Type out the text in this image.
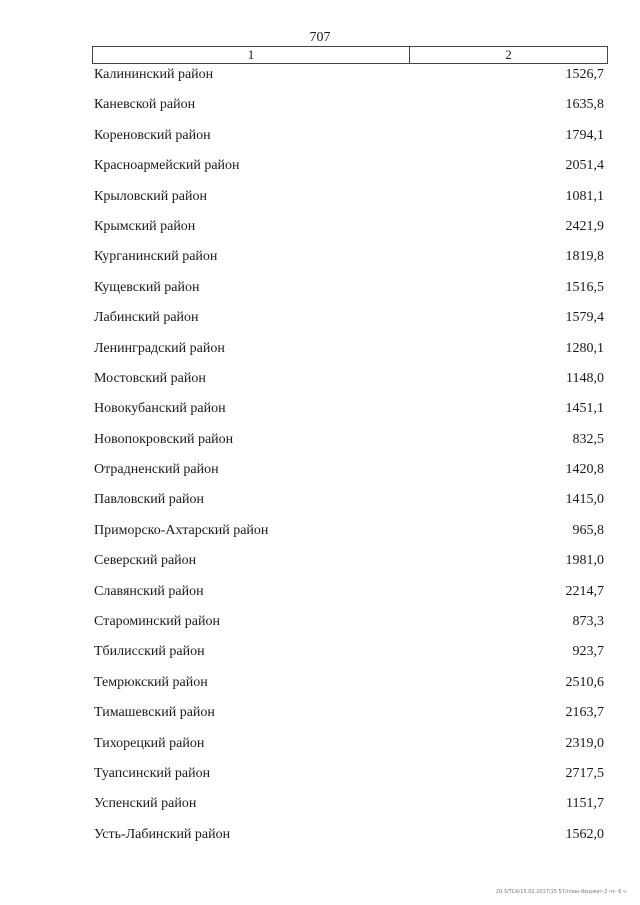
707
1	2
Калининский район	1526,7
Каневской район	1635,8
Кореновский район	1794,1
Красноармейский район	2051,4
Крыловский район	1081,1
Крымский район	2421,9
Курганинский район	1819,8
Кущевский район	1516,5
Лабинский район	1579,4
Ленинградский район	1280,1
Мостовский район	1148,0
Новокубанский район	1451,1
Новопокровский район	832,5
Отрадненский район	1420,8
Павловский район	1415,0
Приморско-Ахтарский район	965,8
Северский район	1981,0
Славянский район	2214,7
Староминский район	873,3
Тбилисский район	923,7
Темрюкский район	2510,6
Тимашевский район	2163,7
Тихорецкий район	2319,0
Туапсинский район	2717,5
Успенский район	1151,7
Усть-Лабинский район	1562,0
20.3/ТСА/15.02.2017/15 57/план-бюджет-2 чт- 6 ч
